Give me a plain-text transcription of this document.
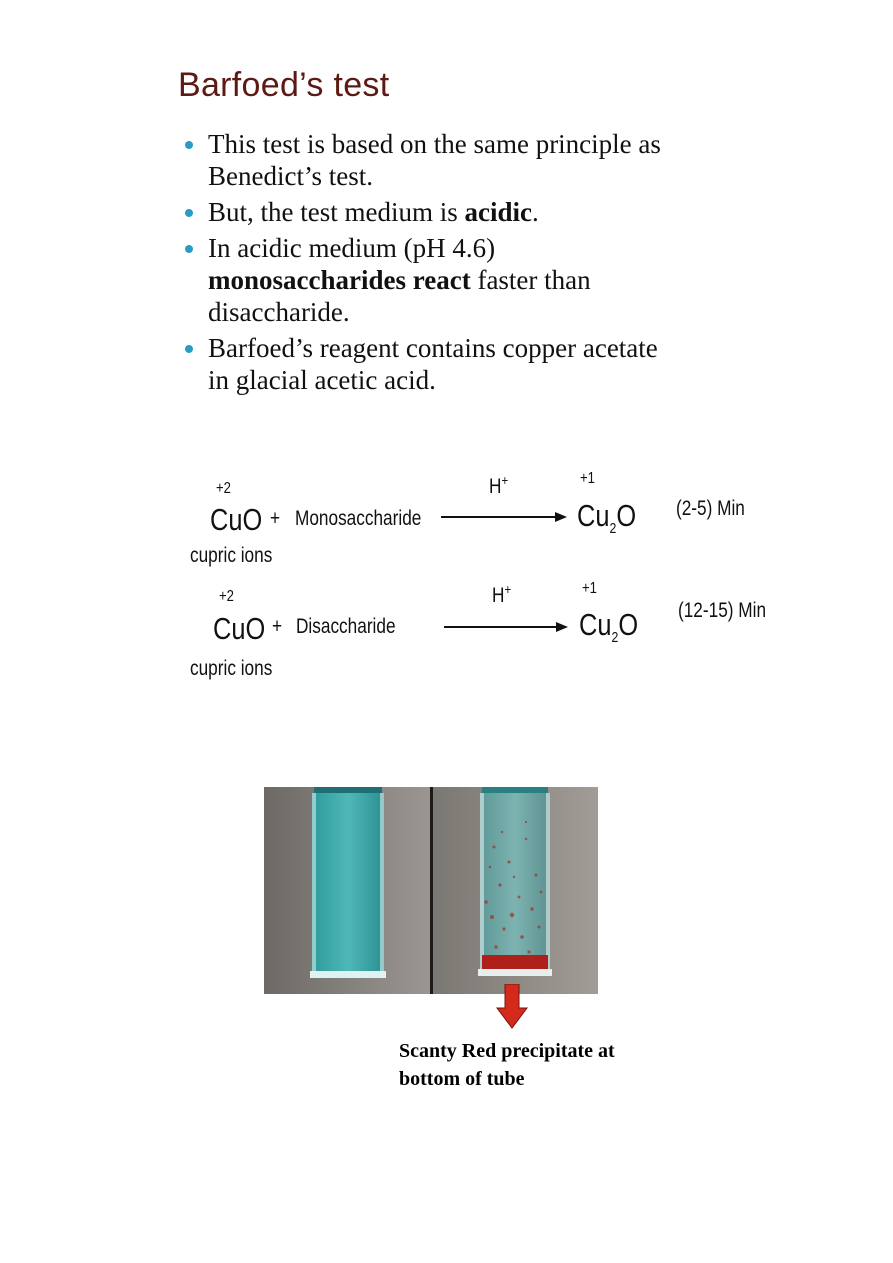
Barfoed’s test
This test is based on the same principle as
Benedict’s test.
But, the test medium is acidic.
In acidic medium (pH 4.6)
monosaccharides react faster than
disaccharide.
Barfoed’s reagent contains copper acetate
in glacial acetic acid.
+2
CuO + Monosaccharide
H+	+1
$Cu_2O$ (2-5) Min
cupric ions
+2
CuO + Disaccharide
H+	+1
$Cu_2O$ (12-15) Min
cupric ions
Scanty Red precipitate at
bottom of tube
